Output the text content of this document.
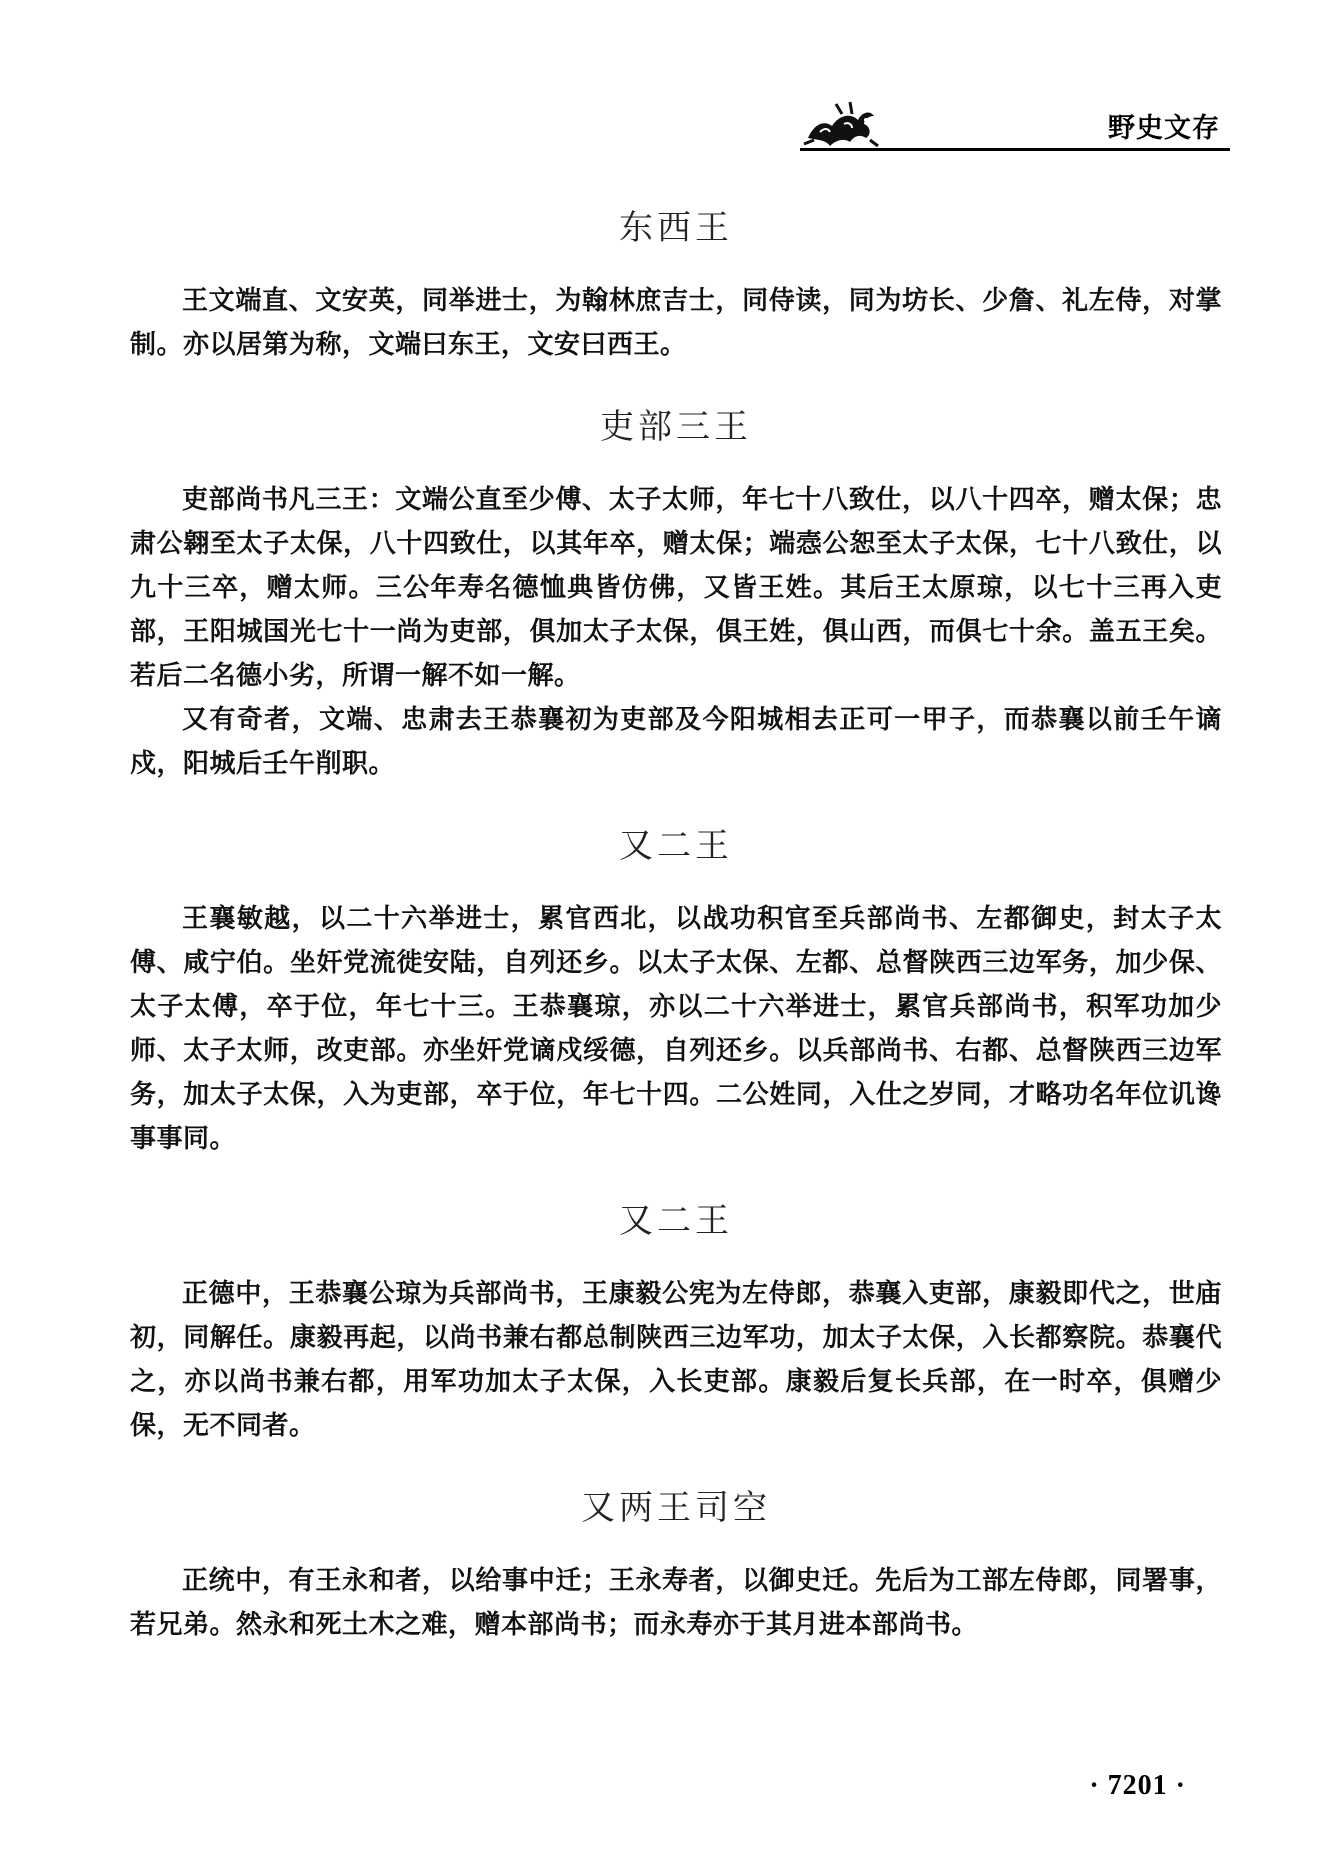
野史文存
东西王

王文端直、文安英，同举进士，为翰林庶吉士，同侍读，同为坊长、少詹、礼左侍，对掌制。亦以居第为称，文端曰东王，文安曰西王。

吏部三王

吏部尚书凡三王：文端公直至少傅、太子太师，年七十八致仕，以八十四卒，赠太保；忠肃公翱至太子太保，八十四致仕，以其年卒，赠太保；端悫公恕至太子太保，七十八致仕，以九十三卒，赠太师。三公年寿名德恤典皆仿佛，又皆王姓。其后王太原琼，以七十三再入吏部，王阳城国光七十一尚为吏部，俱加太子太保，俱王姓，俱山西，而俱七十余。盖五王矣。若后二名德小劣，所谓一解不如一解。

又有奇者，文端、忠肃去王恭襄初为吏部及今阳城相去正可一甲子，而恭襄以前壬午谪戍，阳城后壬午削职。

又二王

王襄敏越，以二十六举进士，累官西北，以战功积官至兵部尚书、左都御史，封太子太傅、咸宁伯。坐奸党流徙安陆，自列还乡。以太子太保、左都、总督陕西三边军务，加少保、太子太傅，卒于位，年七十三。王恭襄琼，亦以二十六举进士，累官兵部尚书，积军功加少师、太子太师，改吏部。亦坐奸党谪戍绥德，自列还乡。以兵部尚书、右都、总督陕西三边军务，加太子太保，入为吏部，卒于位，年七十四。二公姓同，入仕之岁同，才略功名年位讥谗事事同。

又二王

正德中，王恭襄公琼为兵部尚书，王康毅公宪为左侍郎，恭襄入吏部，康毅即代之，世庙初，同解任。康毅再起，以尚书兼右都总制陕西三边军功，加太子太保，入长都察院。恭襄代之，亦以尚书兼右都，用军功加太子太保，入长吏部。康毅后复长兵部，在一时卒，俱赠少保，无不同者。

又两王司空

正统中，有王永和者，以给事中迁；王永寿者，以御史迁。先后为工部左侍郎，同署事，若兄弟。然永和死土木之难，赠本部尚书；而永寿亦于其月进本部尚书。

· 7201 ·
